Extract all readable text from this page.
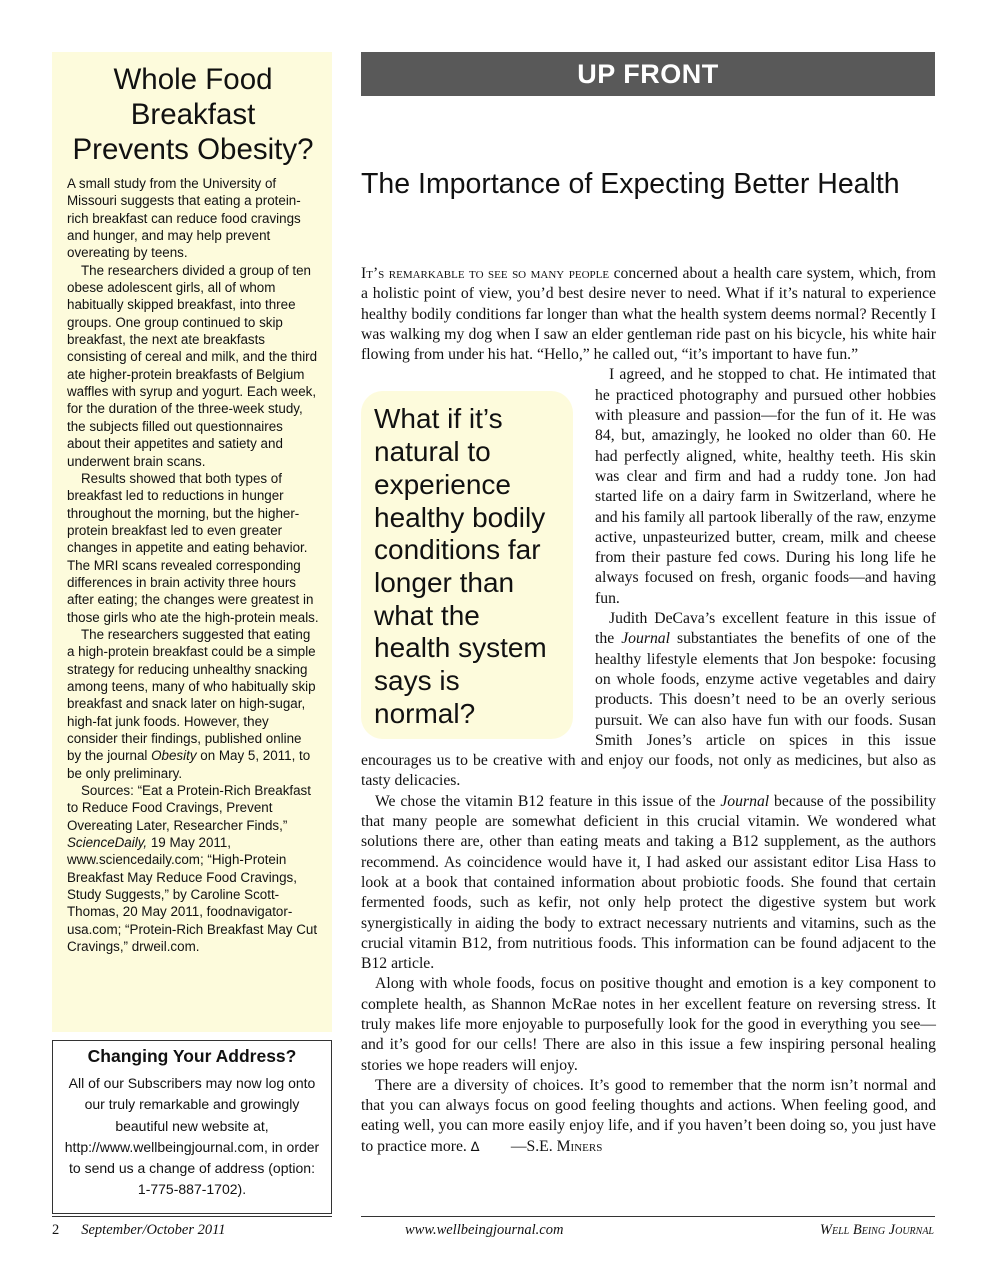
Whole Food
Breakfast
Prevents Obesity?

A small study from the University of Missouri suggests that eating a protein-rich breakfast can reduce food cravings and hunger, and may help prevent overeating by teens.

The researchers divided a group of ten obese adolescent girls, all of whom habitually skipped breakfast, into three groups. One group continued to skip breakfast, the next ate breakfasts consisting of cereal and milk, and the third ate higher-protein breakfasts of Belgium waffles with syrup and yogurt. Each week, for the duration of the three-week study, the subjects filled out questionnaires about their appetites and satiety and underwent brain scans.

Results showed that both types of breakfast led to reductions in hunger throughout the morning, but the higher-protein breakfast led to even greater changes in appetite and eating behavior. The MRI scans revealed corresponding differences in brain activity three hours after eating; the changes were greatest in those girls who ate the high-protein meals.

The researchers suggested that eating a high-protein breakfast could be a simple strategy for reducing unhealthy snacking among teens, many of who habitually skip breakfast and snack later on high-sugar, high-fat junk foods. However, they consider their findings, published online by the journal Obesity on May 5, 2011, to be only preliminary.

Sources: “Eat a Protein-Rich Breakfast to Reduce Food Cravings, Prevent Overeating Later, Researcher Finds,” ScienceDaily, 19 May 2011, www.sciencedaily.com; “High-Protein Breakfast May Reduce Food Cravings, Study Suggests,” by Caroline Scott-Thomas, 20 May 2011, foodnavigator-usa.com; “Protein-Rich Breakfast May Cut Cravings,” drweil.com.

Changing Your Address?
All of our Subscribers may now log onto our truly remarkable and growingly beautiful new website at, http://www.wellbeingjournal.com, in order to send us a change of address (option: 1-775-887-1702).
UP FRONT
The Importance of Expecting Better Health

It’s remarkable to see so many people concerned about a health care system, which, from a holistic point of view, you’d best desire never to need. What if it’s natural to experience healthy bodily conditions far longer than what the health system deems normal? Recently I was walking my dog when I saw an elder gentleman ride past on his bicycle, his white hair flowing from under his hat. “Hello,” he called out, “it’s important to have fun.”

What if it’s natural to experience healthy bodily conditions far longer than what the health system says is normal?

I agreed, and he stopped to chat. He intimated that he practiced photography and pursued other hobbies with pleasure and passion—for the fun of it. He was 84, but, amazingly, he looked no older than 60. He had perfectly aligned, white, healthy teeth. His skin was clear and firm and had a ruddy tone. Jon had started life on a dairy farm in Switzerland, where he and his family all partook liberally of the raw, enzyme active, unpasteurized butter, cream, milk and cheese from their pasture fed cows. During his long life he always focused on fresh, organic foods—and having fun.

Judith DeCava’s excellent feature in this issue of the Journal substantiates the benefits of one of the healthy lifestyle elements that Jon bespoke: focusing on whole foods, enzyme active vegetables and dairy products. This doesn’t need to be an overly serious pursuit. We can also have fun with our foods. Susan Smith Jones’s article on spices in this issue encourages us to be creative with and enjoy our foods, not only as medicines, but also as tasty delicacies.

We chose the vitamin B12 feature in this issue of the Journal because of the possibility that many people are somewhat deficient in this crucial vitamin. We wondered what solutions there are, other than eating meats and taking a B12 supplement, as the authors recommend. As coincidence would have it, I had asked our assistant editor Lisa Hass to look at a book that contained information about probiotic foods. She found that certain fermented foods, such as kefir, not only help protect the digestive system but work synergistically in aiding the body to extract necessary nutrients and vitamins, such as the crucial vitamin B12, from nutritious foods. This information can be found adjacent to the B12 article.

Along with whole foods, focus on positive thought and emotion is a key component to complete health, as Shannon McRae notes in her excellent feature on reversing stress. It truly makes life more enjoyable to purposefully look for the good in everything you see—and it’s good for our cells! There are also in this issue a few inspiring personal healing stories we hope readers will enjoy.

There are a diversity of choices. It’s good to remember that the norm isn’t normal and that you can always focus on good feeling thoughts and actions. When feeling good, and eating well, you can more easily enjoy life, and if you haven’t been doing so, you just have to practice more. ∆ —S.E. Miners

2 September/October 2011	www.wellbeingjournal.com	Well Being Journal
